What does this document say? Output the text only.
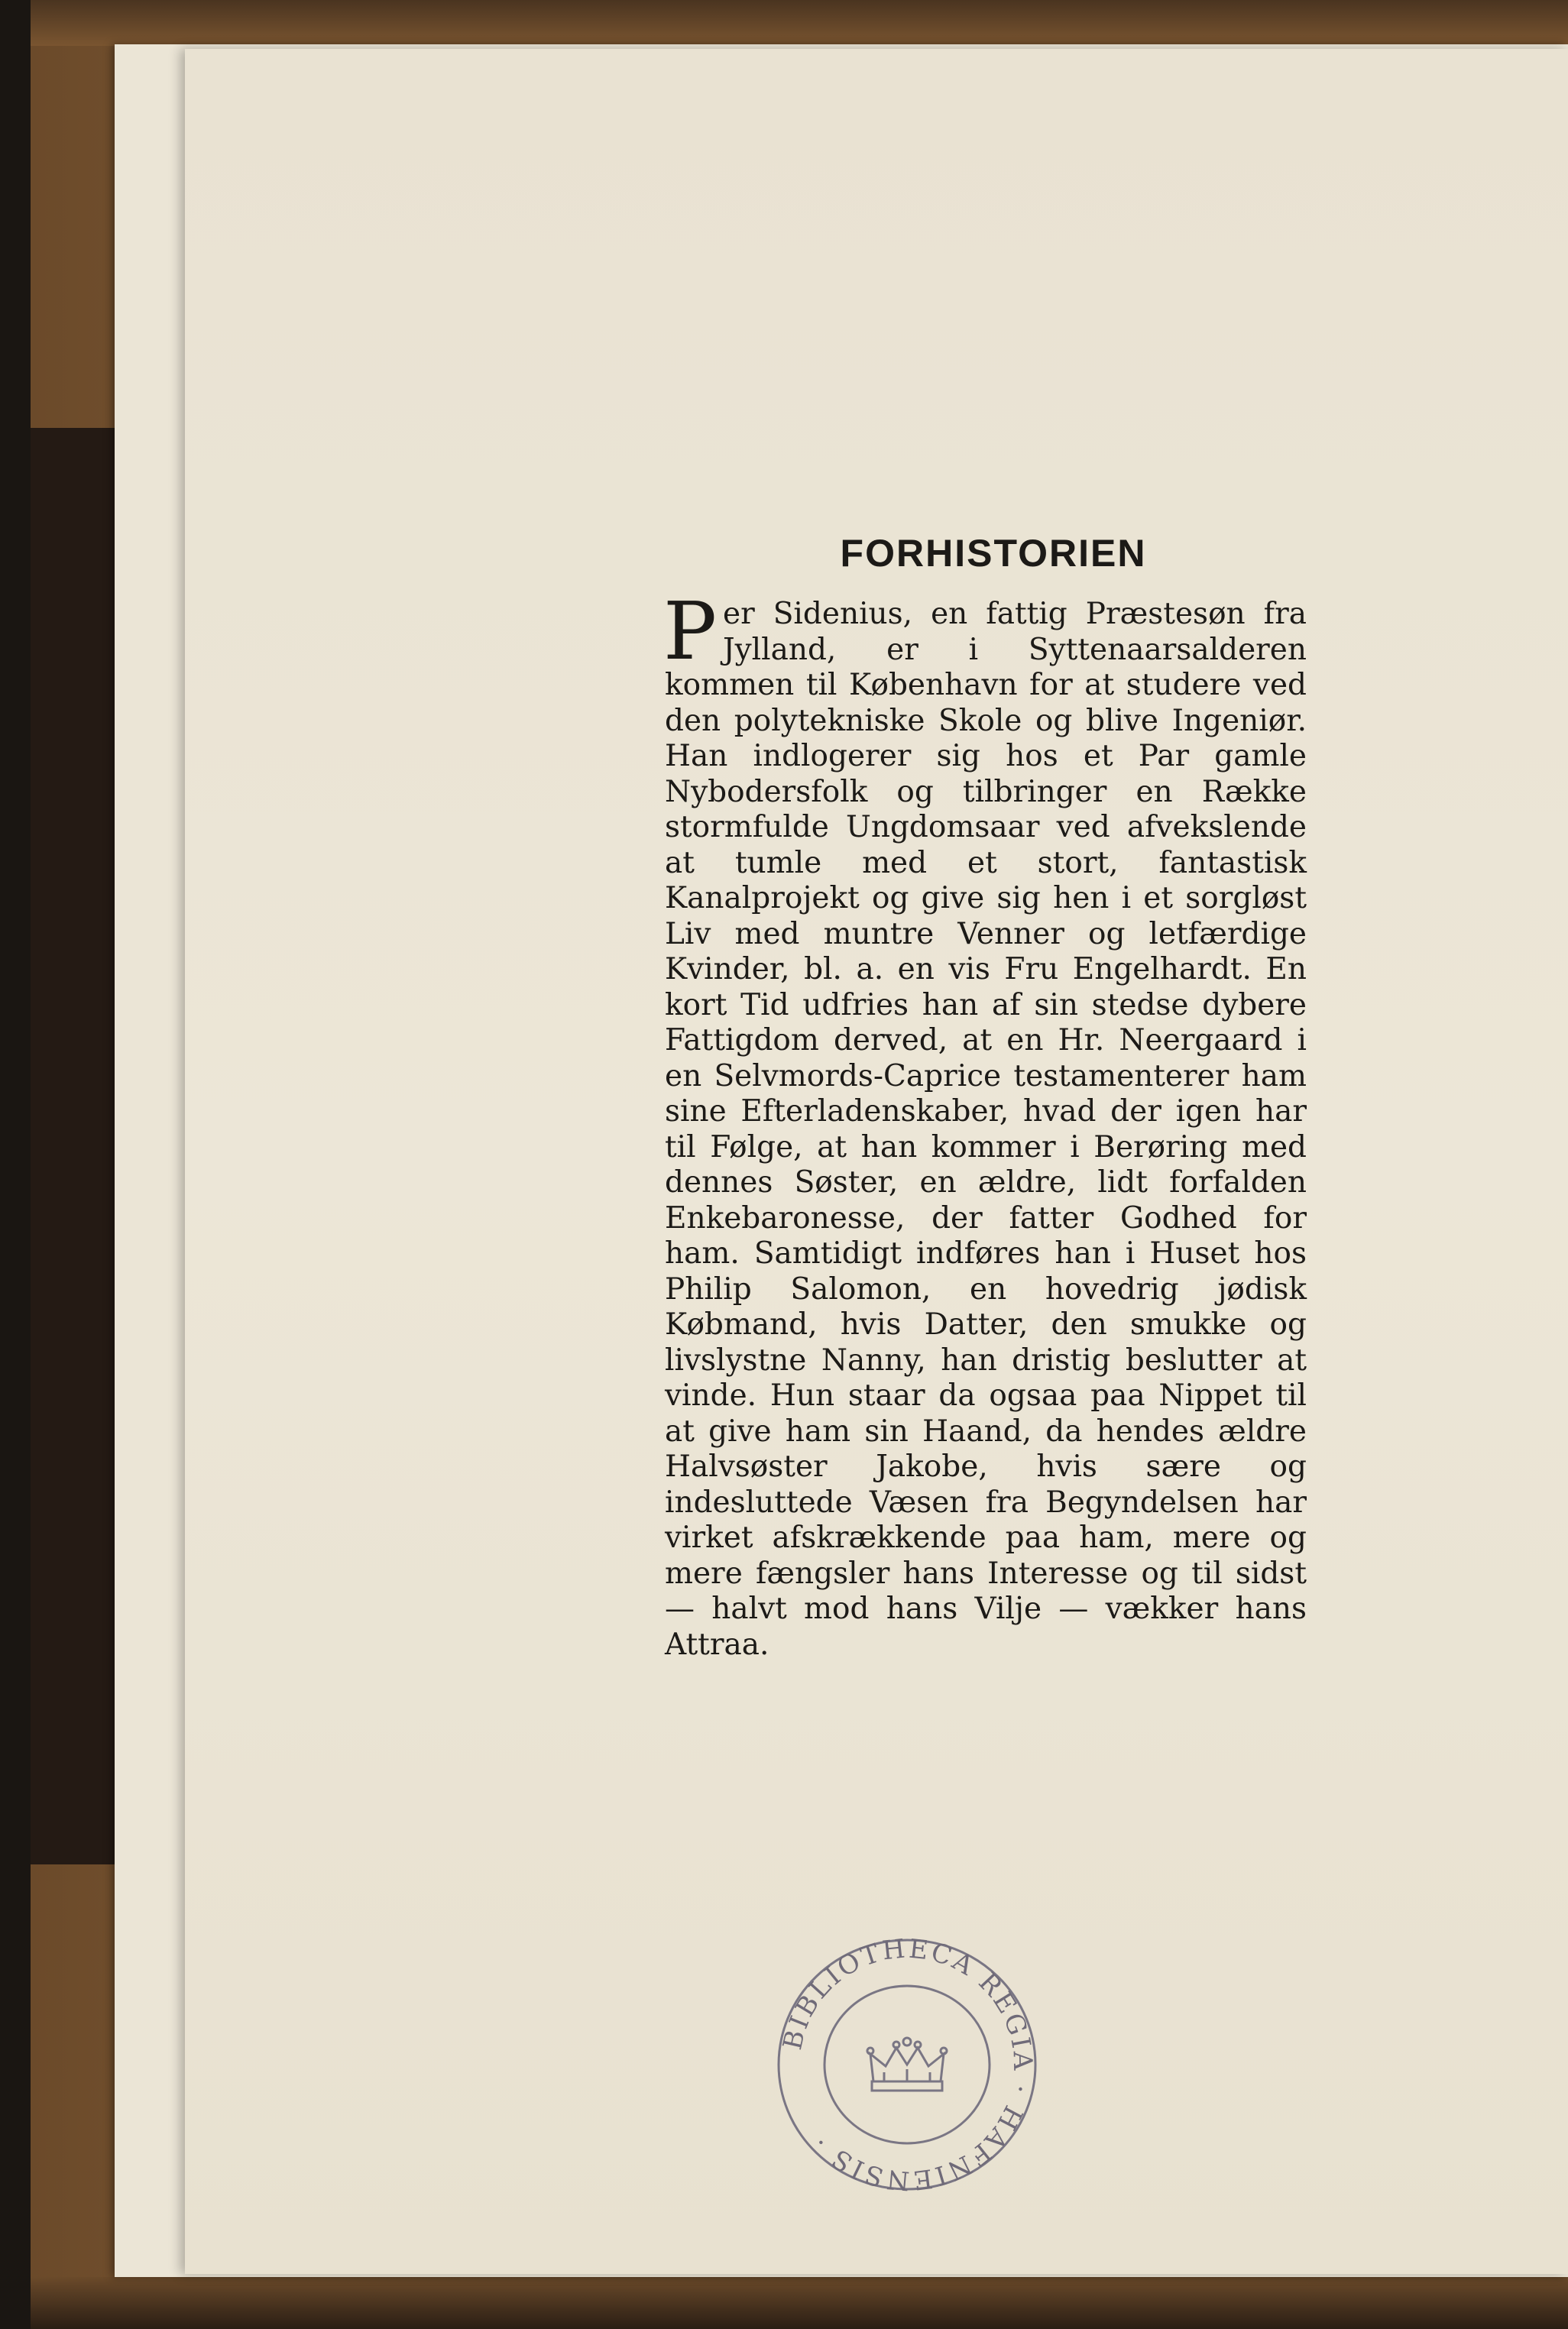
FORHISTORIEN

Per Sidenius, en fattig Præstesøn fra Jylland, er i Syttenaarsalderen kommen til København for at studere ved den polytekniske Skole og blive Ingeniør. Han indlogerer sig hos et Par gamle Nybodersfolk og tilbringer en Række stormfulde Ungdomsaar ved afvekslende at tumle med et stort, fantastisk Kanalprojekt og give sig hen i et sorgløst Liv med muntre Venner og letfærdige Kvinder, bl. a. en vis Fru Engelhardt. En kort Tid udfries han af sin stedse dybere Fattigdom derved, at en Hr. Neergaard i en Selvmords-Caprice testamenterer ham sine Efterladenskaber, hvad der igen har til Følge, at han kommer i Berøring med dennes Søster, en ældre, lidt forfalden Enkebaronesse, der fatter Godhed for ham. Samtidigt indføres han i Huset hos Philip Salomon, en hovedrig jødisk Købmand, hvis Datter, den smukke og livslystne Nanny, han dristig beslutter at vinde. Hun staar da ogsaa paa Nippet til at give ham sin Haand, da hendes ældre Halvsøster Jakobe, hvis sære og indesluttede Væsen fra Begyndelsen har virket afskrækkende paa ham, mere og mere fængsler hans Interesse og til sidst — halvt mod hans Vilje — vækker hans Attraa.

BIBLIOTHECA REGIA · HAFNIENSIS ·
